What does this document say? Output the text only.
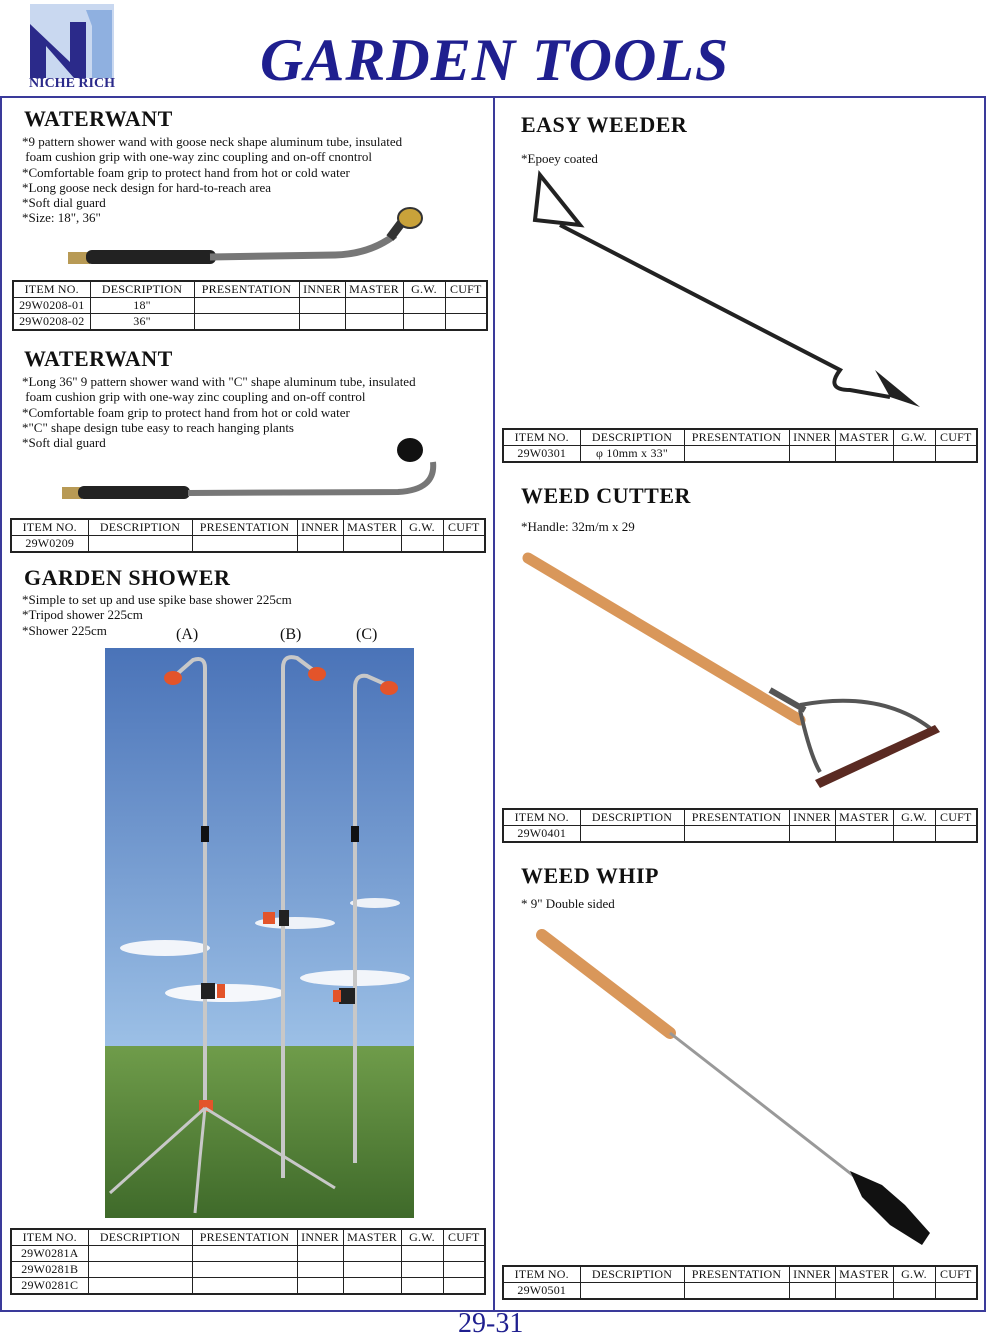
NICHE RICH GARDEN TOOLS
WATERWANT
*9 pattern shower wand with goose neck shape aluminum tube, insulated
foam cushion grip with one-way zinc coupling and on-off cnontrol
*Comfortable foam grip to protect hand from hot or cold water
*Long goose neck design for hard-to-reach area
*Soft dial guard
*Size: 18", 36"
ITEM NO.	DESCRIPTION	PRESENTATION	INNER	MASTER	G.W.	CUFT
29W0208-01	18"					
29W0208-02	36"					
WATERWANT
*Long 36" 9 pattern shower wand with "C" shape aluminum tube, insulated
foam cushion grip with one-way zinc coupling and on-off control
*Comfortable foam grip to protect hand from hot or cold water
*"C" shape design tube easy to reach hanging plants
*Soft dial guard
ITEM NO.	DESCRIPTION	PRESENTATION	INNER	MASTER	G.W.	CUFT
29W0209						
GARDEN SHOWER
*Simple to set up and use spike base shower 225cm
*Tripod shower 225cm
*Shower 225cm	(A)	(B)	(C)
ITEM NO.	DESCRIPTION	PRESENTATION	INNER	MASTER	G.W.	CUFT
29W0281A						
29W0281B						
29W0281C						
EASY WEEDER
*Epoey coated
ITEM NO.	DESCRIPTION	PRESENTATION	INNER	MASTER	G.W.	CUFT
29W0301	φ 10mm x 33"					
WEED CUTTER
*Handle: 32m/m x 29
ITEM NO.	DESCRIPTION	PRESENTATION	INNER	MASTER	G.W.	CUFT
29W0401						
WEED WHIP
* 9" Double sided
ITEM NO.	DESCRIPTION	PRESENTATION	INNER	MASTER	G.W.	CUFT
29W0501						
29-31
